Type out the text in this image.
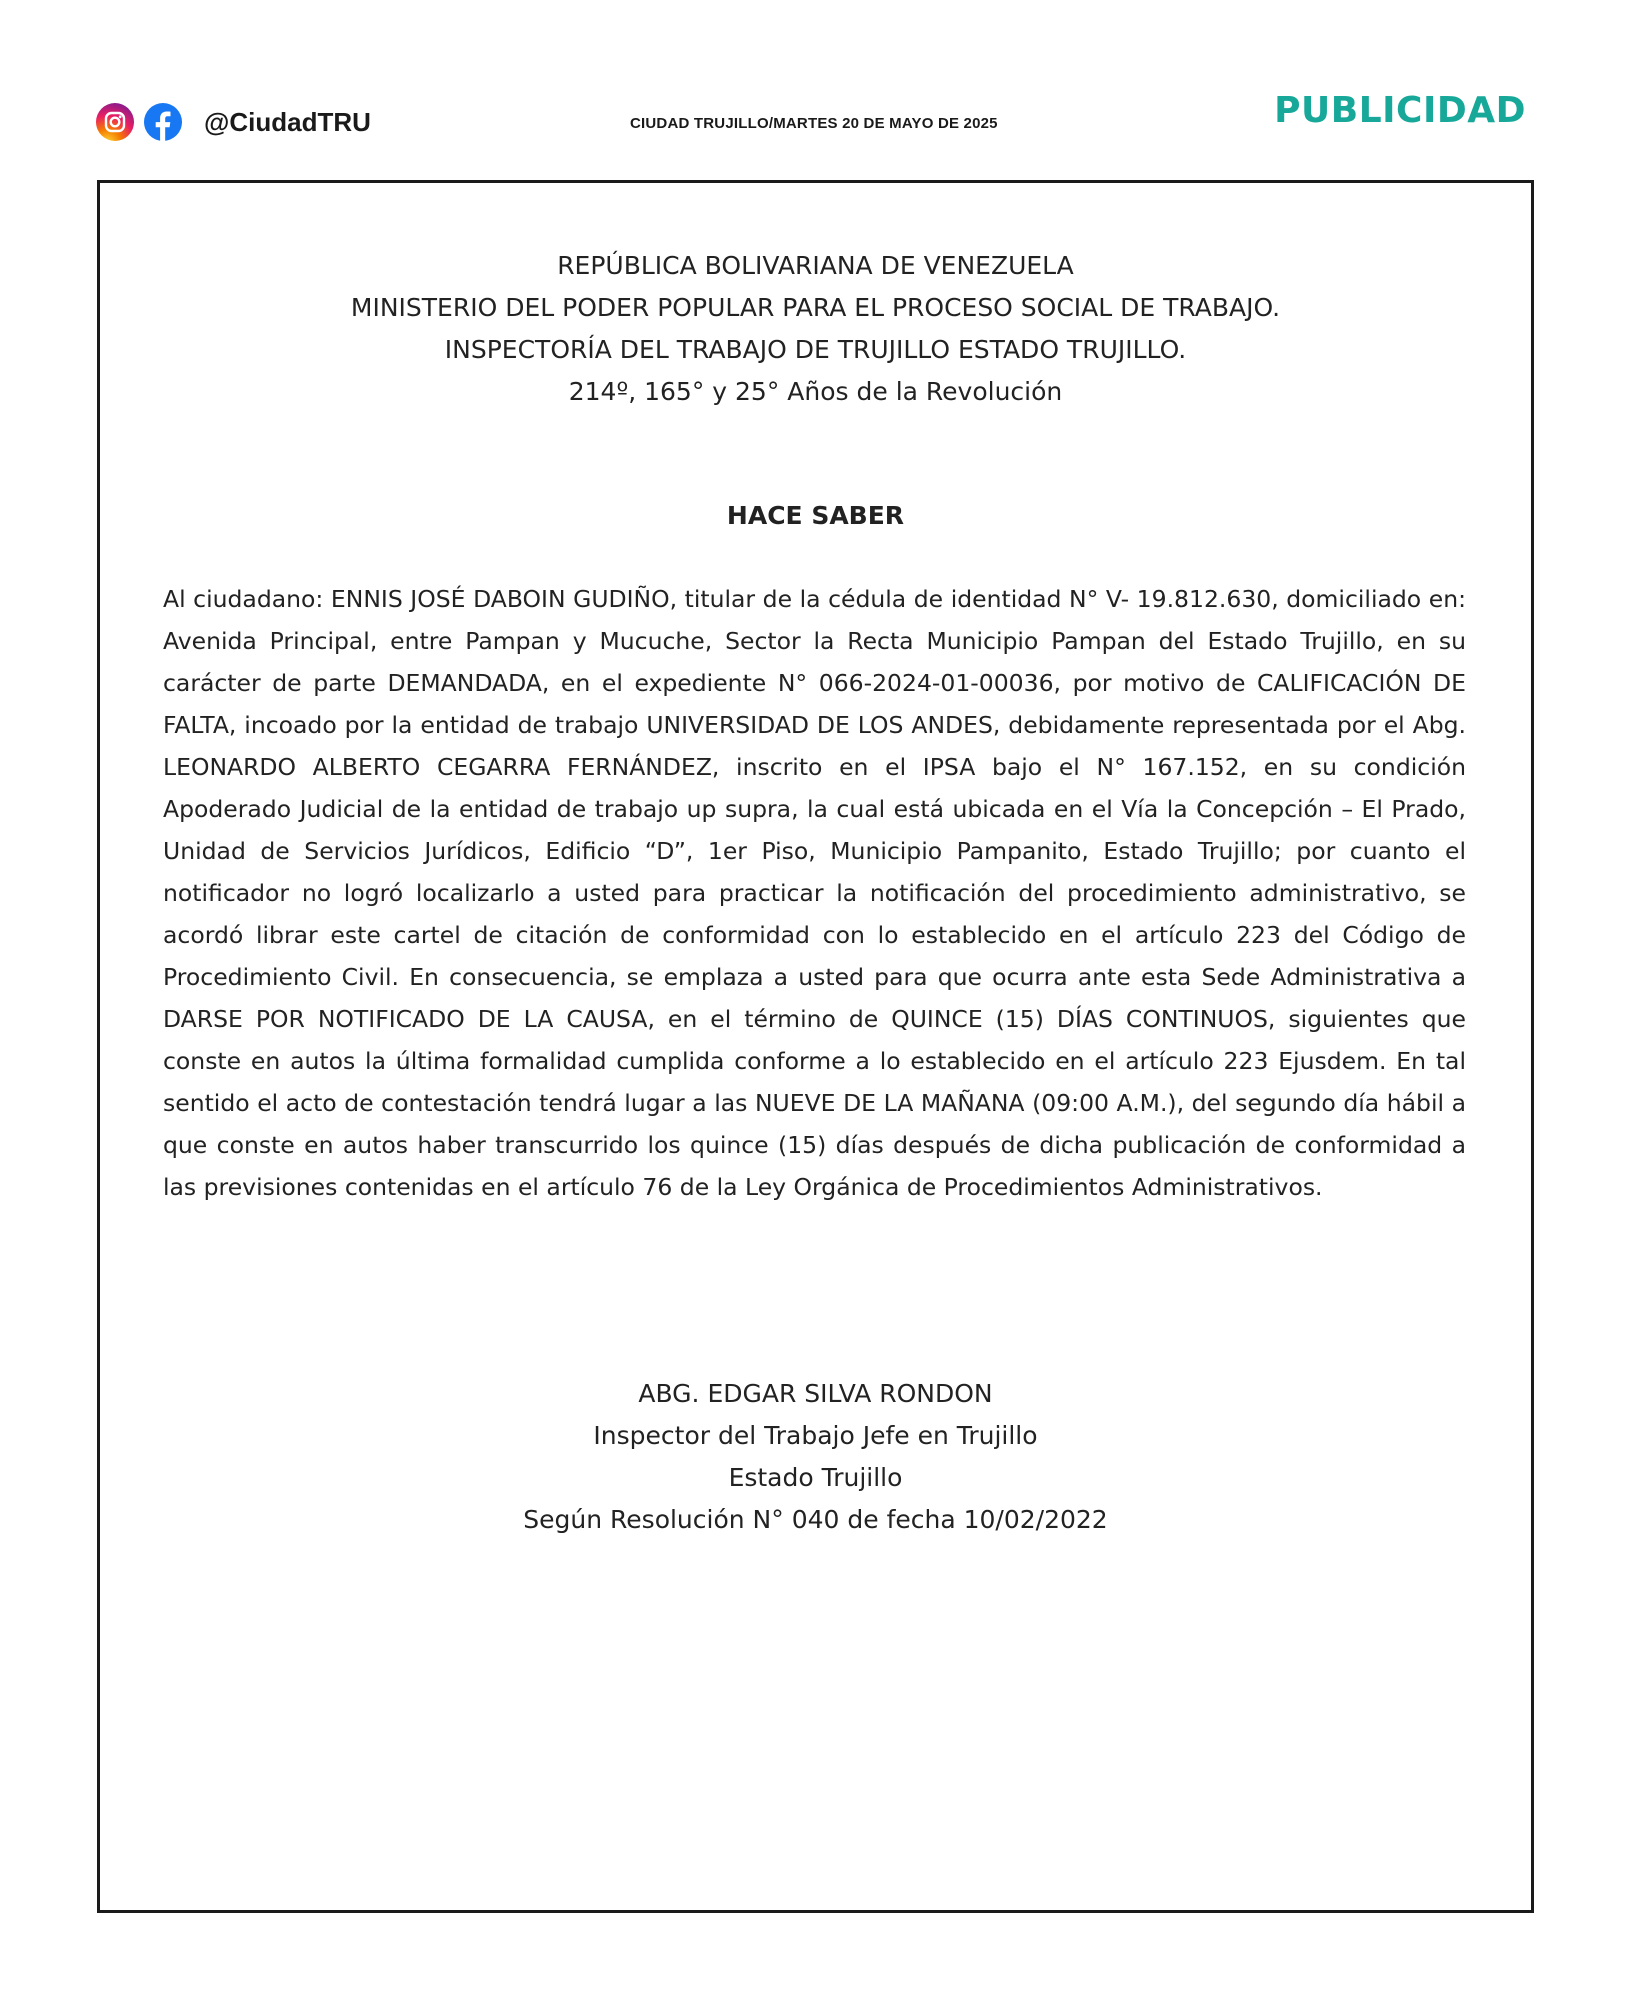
@CiudadTRU	CIUDAD TRUJILLO/MARTES 20 DE MAYO DE 2025	PUBLICIDAD
REPÚBLICA BOLIVARIANA DE VENEZUELA
MINISTERIO DEL PODER POPULAR PARA EL PROCESO SOCIAL DE TRABAJO.
INSPECTORÍA DEL TRABAJO DE TRUJILLO ESTADO TRUJILLO.
214º, 165° y 25° Años de la Revolución
HACE SABER

Al ciudadano: ENNIS JOSÉ DABOIN GUDIÑO, titular de la cédula de identidad N° V- 19.812.630, domiciliado en: Avenida Principal, entre Pampan y Mucuche, Sector la Recta Municipio Pampan del Estado Trujillo, en su carácter de parte DEMANDADA, en el expediente N° 066-2024-01-00036, por motivo de CALIFICACIÓN DE FALTA, incoado por la entidad de trabajo UNIVERSIDAD DE LOS ANDES, debidamente representada por el Abg. LEONARDO ALBERTO CEGARRA FERNÁNDEZ, inscrito en el IPSA bajo el N° 167.152, en su condición Apoderado Judicial de la entidad de trabajo up supra, la cual está ubicada en el Vía la Concepción – El Prado, Unidad de Servicios Jurídicos, Edificio “D”, 1er Piso, Municipio Pampanito, Estado Trujillo; por cuanto el notificador no logró localizarlo a usted para practicar la notificación del procedimiento administrativo, se acordó librar este cartel de citación de conformidad con lo establecido en el artículo 223 del Código de Procedimiento Civil. En consecuencia, se emplaza a usted para que ocurra ante esta Sede Administrativa a DARSE POR NOTIFICADO DE LA CAUSA, en el término de QUINCE (15) DÍAS CONTINUOS, siguientes que conste en autos la última formalidad cumplida conforme a lo establecido en el artículo 223 Ejusdem. En tal sentido el acto de contestación tendrá lugar a las NUEVE DE LA MAÑANA (09:00 A.M.), del segundo día hábil a que conste en autos haber transcurrido los quince (15) días después de dicha publicación de conformidad a las previsiones contenidas en el artículo 76 de la Ley Orgánica de Procedimientos Administrativos.

ABG. EDGAR SILVA RONDON
Inspector del Trabajo Jefe en Trujillo
Estado Trujillo
Según Resolución N° 040 de fecha 10/02/2022
